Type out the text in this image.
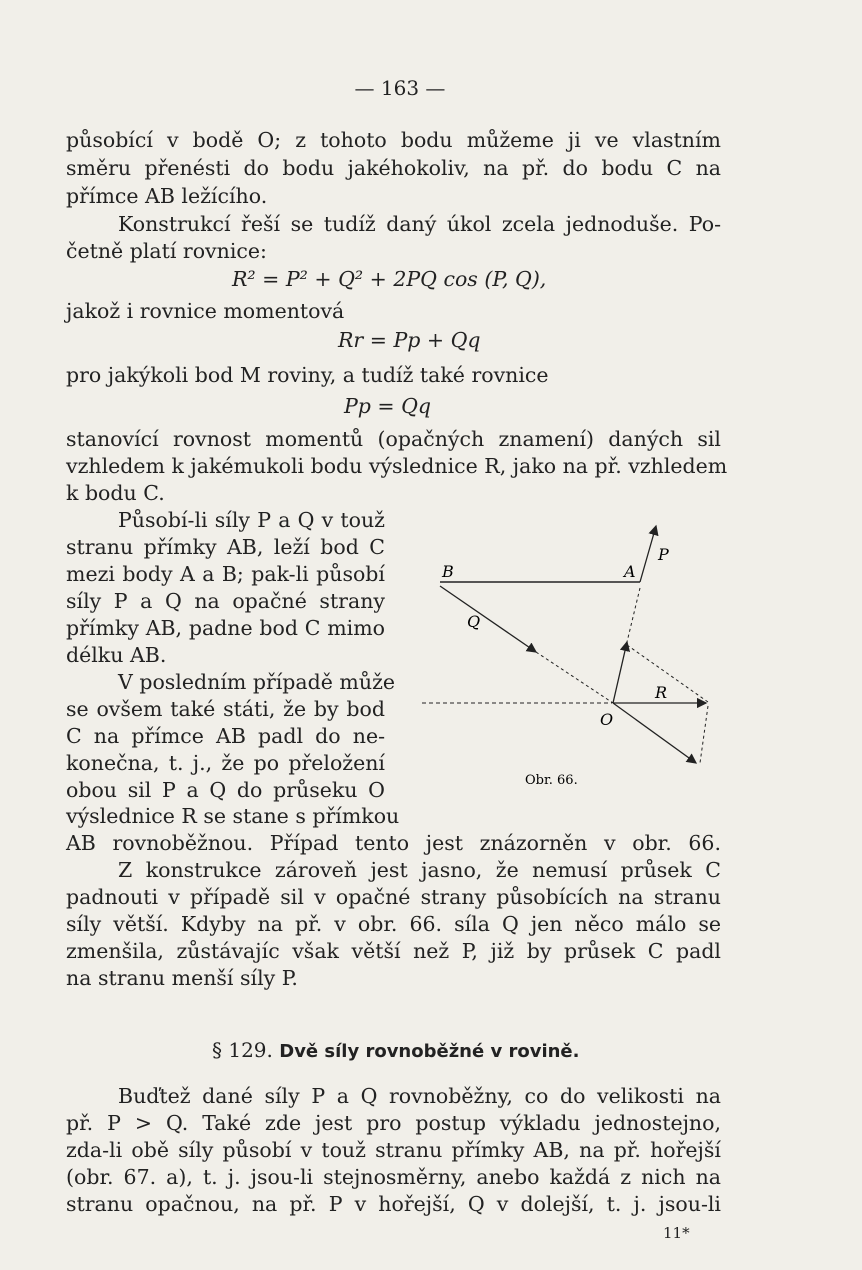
— 163 —
působící v bodě O; z tohoto bodu můžeme ji ve vlastním
směru přenésti do bodu jakéhokoliv, na př. do bodu C na
přímce AB ležícího.
Konstrukcí řeší se tudíž daný úkol zcela jednoduše. Po-
četně platí rovnice:
R² = P² + Q² + 2PQ cos (P, Q),
jakož i rovnice momentová
Rr = Pp + Qq
pro jakýkoli bod M roviny, a tudíž také rovnice
Pp = Qq
stanovící rovnost momentů (opačných znamení) daných sil
vzhledem k jakémukoli bodu výslednice R, jako na př. vzhledem
k bodu C.
Působí-li síly P a Q v touž
stranu přímky AB, leží bod C
mezi body A a B; pak-li působí
síly P a Q na opačné strany
přímky AB, padne bod C mimo
délku AB.
V posledním případě může
se ovšem také státi, že by bod
C na přímce AB padl do ne-
konečna, t. j., že po přeložení
obou sil P a Q do průseku O
výslednice R se stane s přímkou
AB rovnoběžnou. Případ tento jest znázorněn v obr. 66.
Z konstrukce zároveň jest jasno, že nemusí průsek C
padnouti v případě sil v opačné strany působících na stranu
síly větší. Kdyby na př. v obr. 66. síla Q jen něco málo se
zmenšila, zůstávajíc však větší než P, již by průsek C padl
na stranu menší síly P.
§ 129. Dvě síly rovnoběžné v rovině.
Buďtež dané síly P a Q rovnoběžny, co do velikosti na
př. P > Q. Také zde jest pro postup výkladu jednostejno,
zda-li obě síly působí v touž stranu přímky AB, na př. hořejší
(obr. 67. a), t. j. jsou-li stejnosměrny, anebo každá z nich na
stranu opačnou, na př. P v hořejší, Q v dolejší, t. j. jsou-li
11*
B	A
P
Q
R
O
Obr. 66.
